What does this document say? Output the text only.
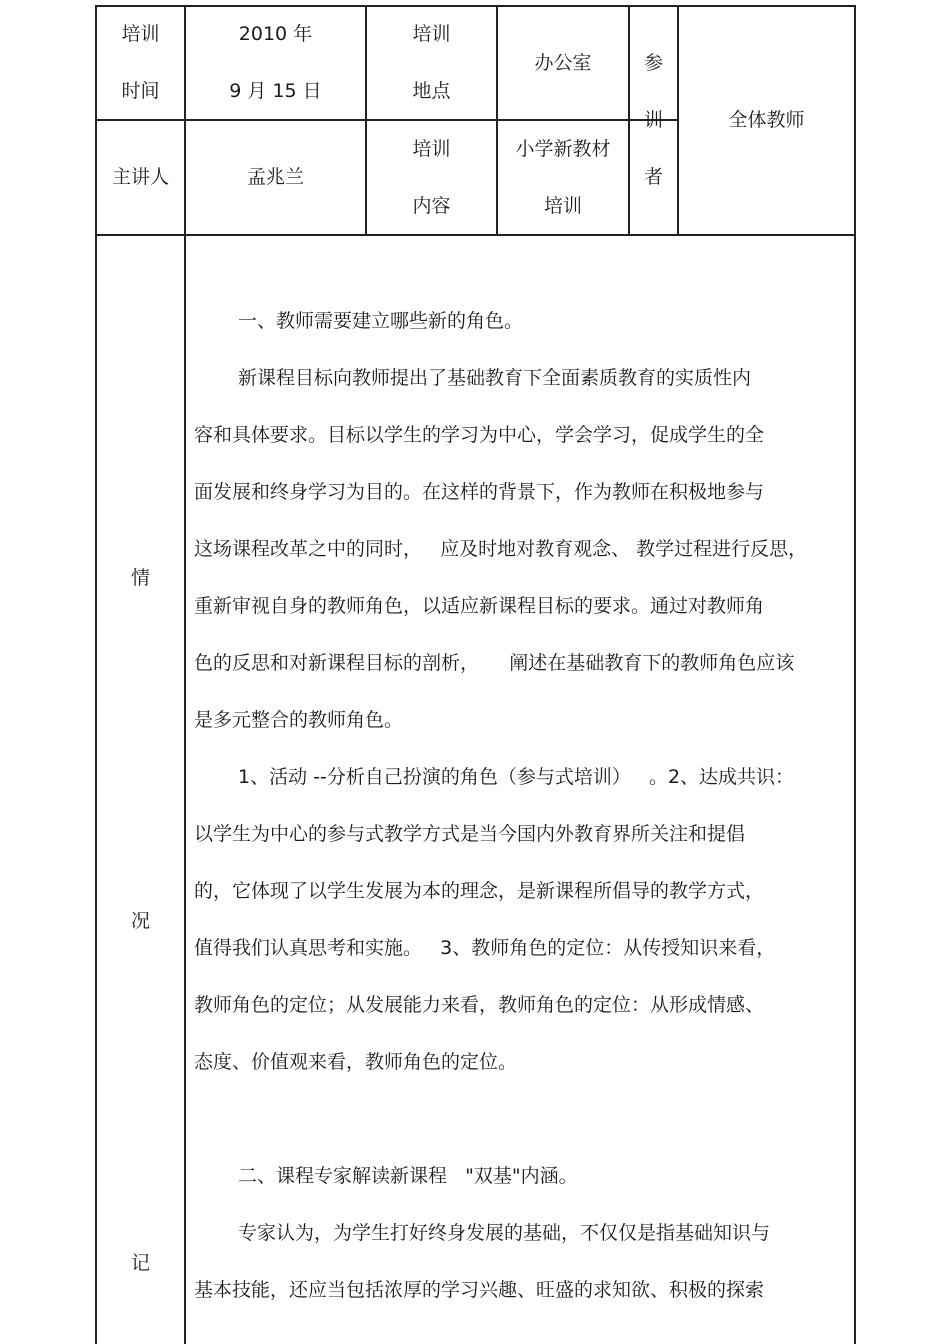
培训
时间
2010 年
9 月 15 日
培训
地点
办公室	参
训
者
全体教师
主讲人	孟兆兰
培训
内容
小学新教材
培训
情
况
记

一、教师需要建立哪些新的角色。

新课程目标向教师提出了基础教育下全面素质教育的实质性内

容和具体要求。目标以学生的学习为中心，学会学习，促成学生的全

面发展和终身学习为目的。在这样的背景下，作为教师在积极地参与

这场课程改革之中的同时，   应及时地对教育观念、 教学过程进行反思，

重新审视自身的教师角色，以适应新课程目标的要求。通过对教师角

色的反思和对新课程目标的剖析，     阐述在基础教育下的教师角色应该

是多元整合的教师角色。

1、活动 --分析自己扮演的角色（参与式培训）   。2、达成共识：

以学生为中心的参与式教学方式是当今国内外教育界所关注和提倡

的，它体现了以学生发展为本的理念，是新课程所倡导的教学方式，

值得我们认真思考和实施。   3、教师角色的定位：从传授知识来看，

教师角色的定位；从发展能力来看，教师角色的定位：从形成情感、

态度、价值观来看，教师角色的定位。

二、课程专家解读新课程   "双基"内涵。

专家认为，为学生打好终身发展的基础，不仅仅是指基础知识与

基本技能，还应当包括浓厚的学习兴趣、旺盛的求知欲、积极的探索
